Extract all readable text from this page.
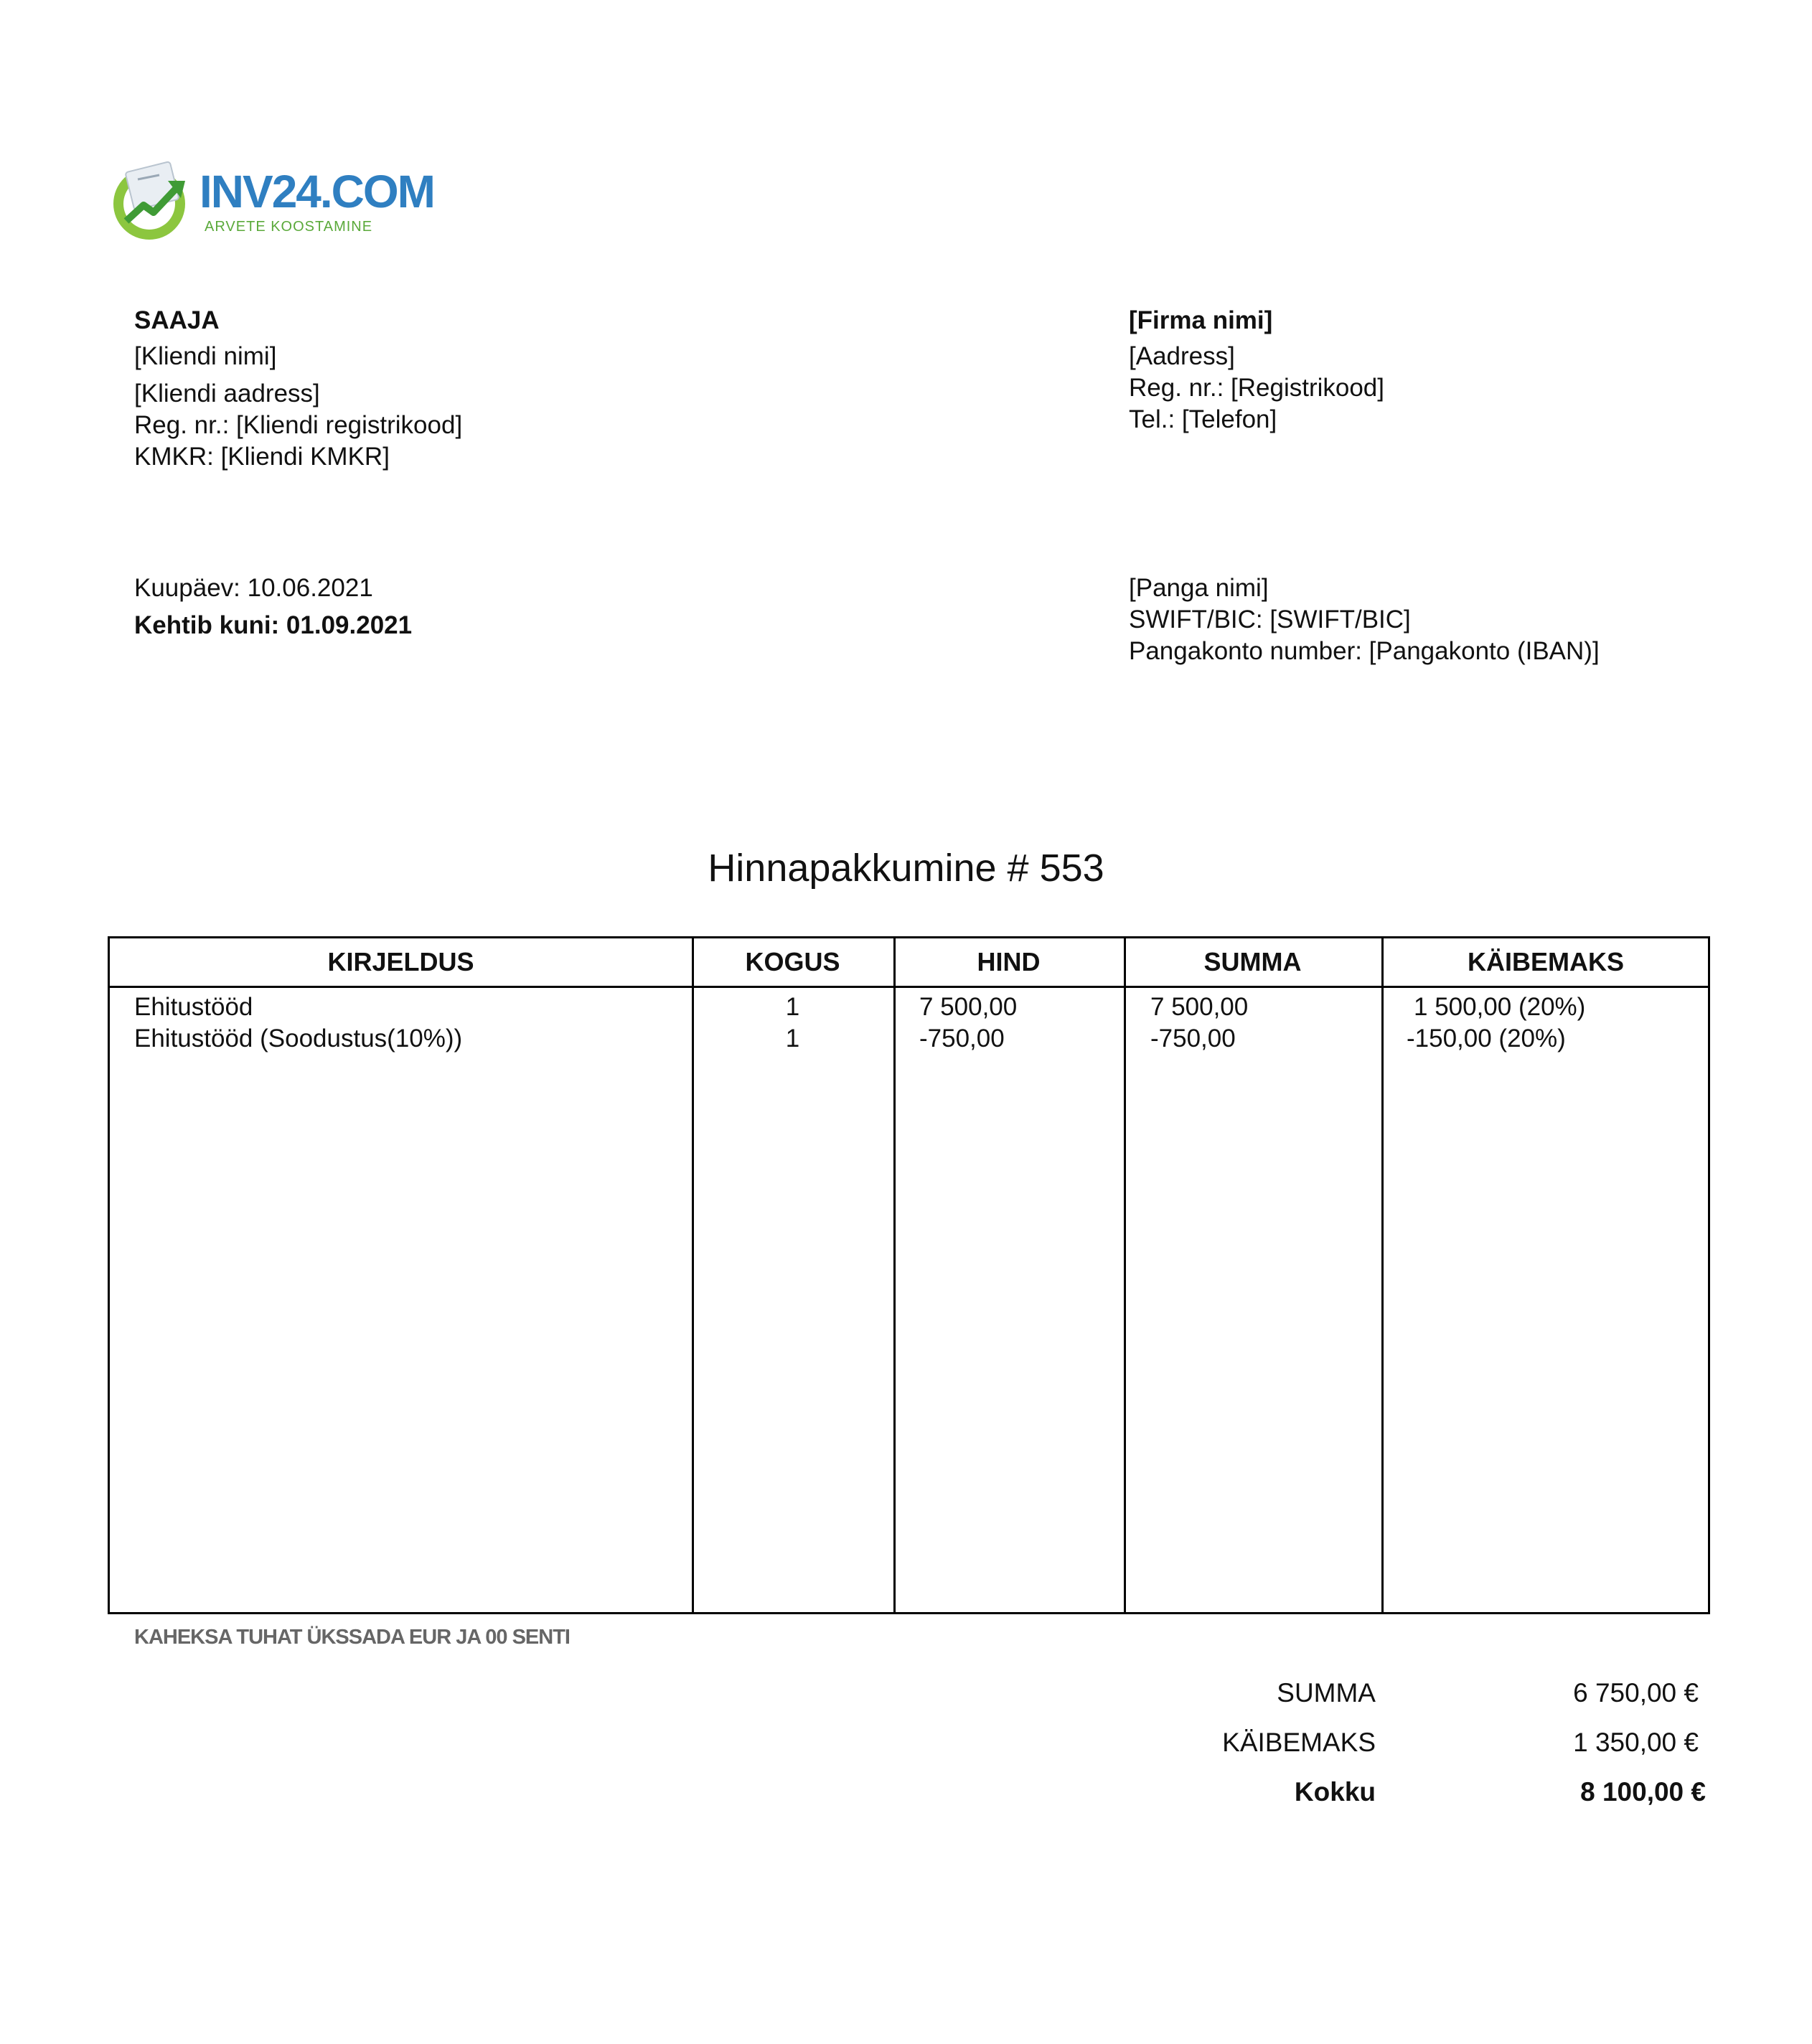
INV24.COM
ARVETE KOOSTAMINE
SAAJA
[Kliendi nimi]
[Kliendi aadress]
Reg. nr.: [Kliendi registrikood]
KMKR: [Kliendi KMKR]
[Firma nimi]
[Aadress]
Reg. nr.: [Registrikood]
Tel.: [Telefon]
Kuupäev: 10.06.2021
Kehtib kuni: 01.09.2021
[Panga nimi]
SWIFT/BIC: [SWIFT/BIC]
Pangakonto number: [Pangakonto (IBAN)]
Hinnapakkumine # 553
KIRJELDUS	KOGUS	HIND	SUMMA	KÄIBEMAKS
Ehitustööd	1	7 500,00	7 500,00	1 500,00 (20%)
Ehitustööd (Soodustus(10%))	1	-750,00	-750,00	-150,00 (20%)
KAHEKSA TUHAT ÜKSSADA EUR JA 00 SENTI
SUMMA	6 750,00 €
KÄIBEMAKS	1 350,00 €
Kokku	8 100,00 €
